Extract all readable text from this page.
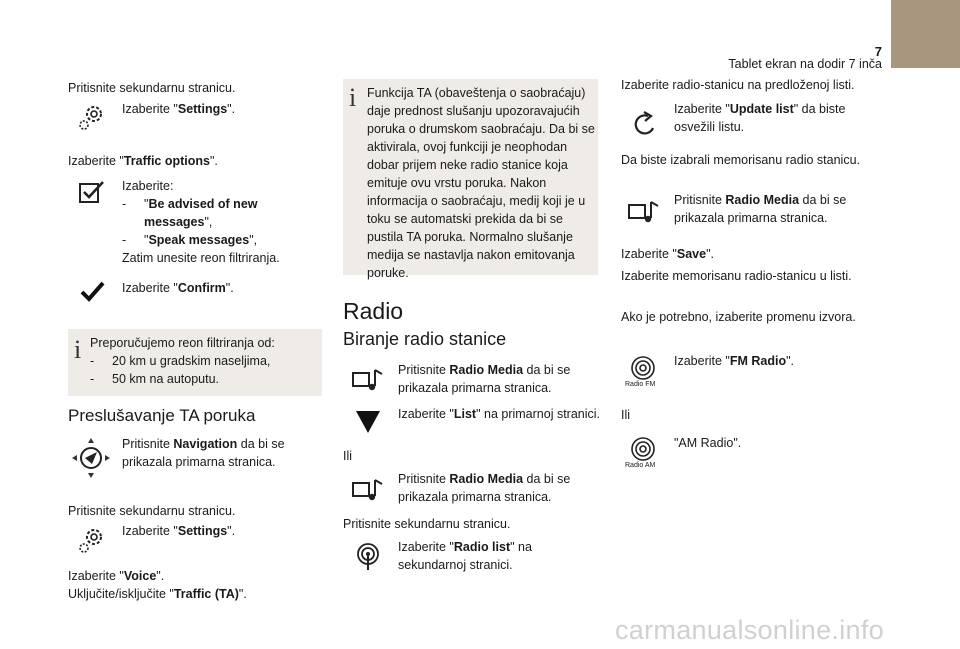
7
Tablet ekran na dodir 7 inča
Pritisnite sekundarnu stranicu.
Izaberite "Settings".
Izaberite "Traffic options".
Izaberite:
-	"Be advised of new messages",
-	"Speak messages",
Zatim unesite reon filtriranja.
Izaberite "Confirm".
i Preporučujemo reon filtriranja od:
-	20 km u gradskim naseljima,
-	50 km na autoputu.
Preslušavanje TA poruka
Pritisnite Navigation da bi se prikazala primarna stranica.
Pritisnite sekundarnu stranicu.
Izaberite "Settings".
Izaberite "Voice".
Uključite/isključite "Traffic (TA)".
i Funkcija TA (obaveštenja o saobraćaju) daje prednost slušanju upozoravajućih poruka o drumskom saobraćaju. Da bi se aktivirala, ovoj funkciji je neophodan dobar prijem neke radio stanice koja emituje ovu vrstu poruka. Nakon informacija o saobraćaju, medij koji je u toku se automatski prekida da bi se pustila TA poruka. Normalno slušanje medija se nastavlja nakon emitovanja poruke.
Radio
Biranje radio stanice
Pritisnite Radio Media da bi se prikazala primarna stranica.
Izaberite "List" na primarnoj stranici.
Ili
Pritisnite Radio Media da bi se prikazala primarna stranica.
Pritisnite sekundarnu stranicu.
Izaberite "Radio list" na sekundarnoj stranici.
Izaberite radio-stanicu na predloženoj listi.
Izaberite "Update list" da biste osvežili listu.
Da biste izabrali memorisanu radio stanicu.
Pritisnite Radio Media da bi se prikazala primarna stranica.
Izaberite "Save".
Izaberite memorisanu radio-stanicu u listi.
Ako je potrebno, izaberite promenu izvora.
Radio FM
Izaberite "FM Radio".
Ili
Radio AM
"AM Radio".
carmanualsonline.info
